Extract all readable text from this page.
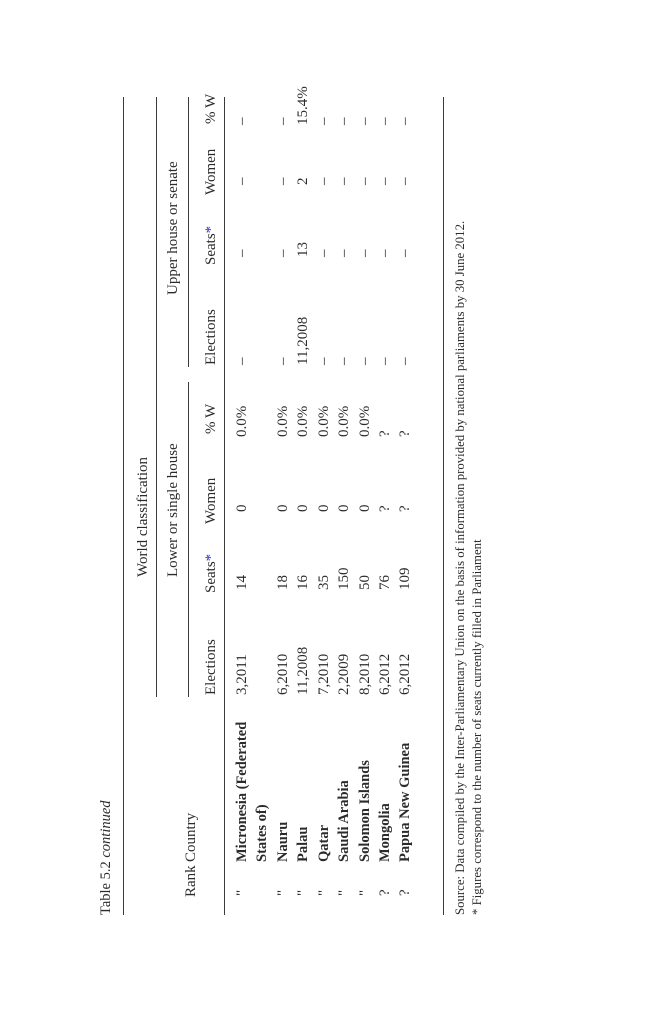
Table 5.2 continued
World classification Lower or single house
Upper house or senate
Rank
Country
Elections
Seats*
Women
% W
Elections
Seats*
Women
% W
"
Micronesia (Federated
3,2011
14
0
0.0%
–
–
–
–
States of)
"
Nauru
6,2010
18
0
0.0%
–
–
–
–
"
Palau
11,2008
16
0
0.0%
11,2008
13
2
15.4%
"
Qatar
7,2010
35
0
0.0%
–
–
–
–
"
Saudi Arabia
2,2009
150
0
0.0%
–
–
–
–
"
Solomon Islands
8,2010
50
0
0.0%
–
–
–
–
?
Mongolia
6,2012
76
?
?
–
–
–
–
?
Papua New Guinea
6,2012
109
?
?
–
–
–
–
Source: Data compiled by the Inter-Parliamentary Union on the basis of information provided by national parliaments by 30 June 2012. * Figures correspond to the number of seats currently filled in Parliament
